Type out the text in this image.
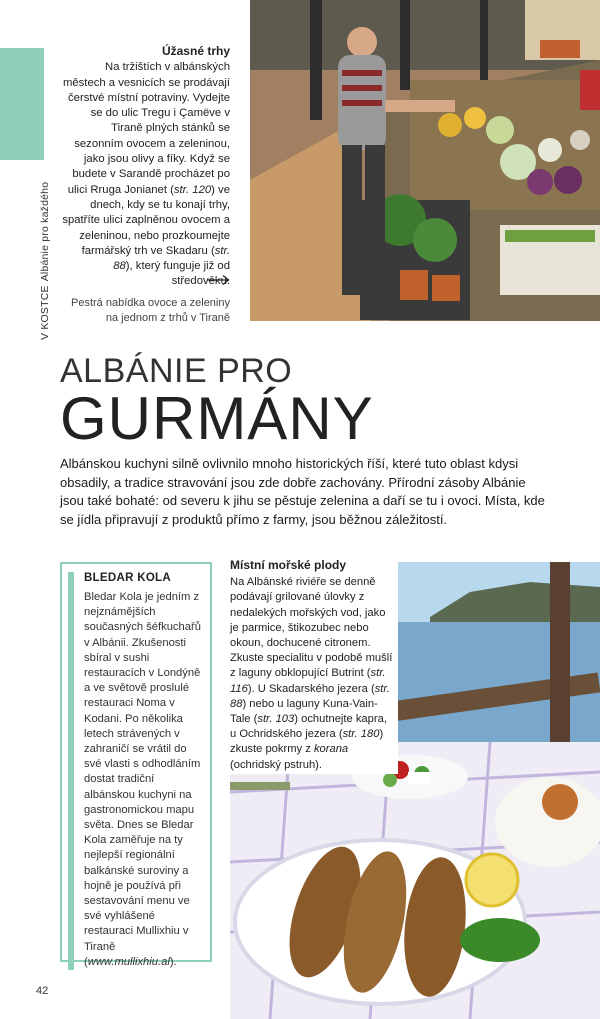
V KOSTCEAlbánie pro každého
Úžasné trhy

Na tržištích v albánských městech a vesnicích se prodávají čerstvé místní potraviny. Vydejte se do ulic Tregu i Çamëve v Tiraně plných stánků se sezonním ovocem a zeleninou, jako jsou olivy a fíky. Když se budete v Sarandě procházet po ulici Rruga Jonianet (str. 120) ve dnech, kdy se tu konají trhy, spatříte ulici zaplněnou ovocem a zeleninou, nebo prozkoumejte farmářský trh ve Skadaru (str. 88), který funguje již od středověku.

Pestrá nabídka ovoce a zeleniny na jednom z trhů v Tiraně
ALBÁNIE PRO
GURMÁNY
Albánskou kuchyni silně ovlivnilo mnoho historických říší, které tuto oblast kdysi obsadily, a tradice stravování jsou zde dobře zachovány. Přírodní zásoby Albánie jsou také bohaté: od severu k jihu se pěstuje zelenina a daří se tu i ovoci. Místa, kde se jídla připravují z produktů přímo z farmy, jsou běžnou záležitostí.
BLEDAR KOLA

Bledar Kola je jedním z nejznámějších současných šéfkuchařů v Albánii. Zkušenosti sbíral v sushi restauracích v Londýně a ve světově proslulé restauraci Noma v Kodani. Po několika letech strávených v zahraničí se vrátil do své vlasti s odhodláním dostat tradiční albánskou kuchyni na gastronomickou mapu světa. Dnes se Bledar Kola zaměřuje na ty nejlepší regionální balkánské suroviny a hojně je používá při sestavování menu ve své vyhlášené restauraci Mullixhiu v Tiraně (www.mullixhiu.al).

Místní mořské plody

Na Albánské riviéře se denně podávají grilované úlovky z nedalekých mořských vod, jako je parmice, štikozubec nebo okoun, dochucené citronem. Zkuste specialitu v podobě mušlí z laguny obklopující Butrint (str. 116). U Skadarského jezera (str. 88) nebo u laguny Kuna-Vain-Tale (str. 103) ochutnejte kapra, u Ochridského jezera (str. 180) zkuste pokrmy z korana (ochridský pstruh).

42
